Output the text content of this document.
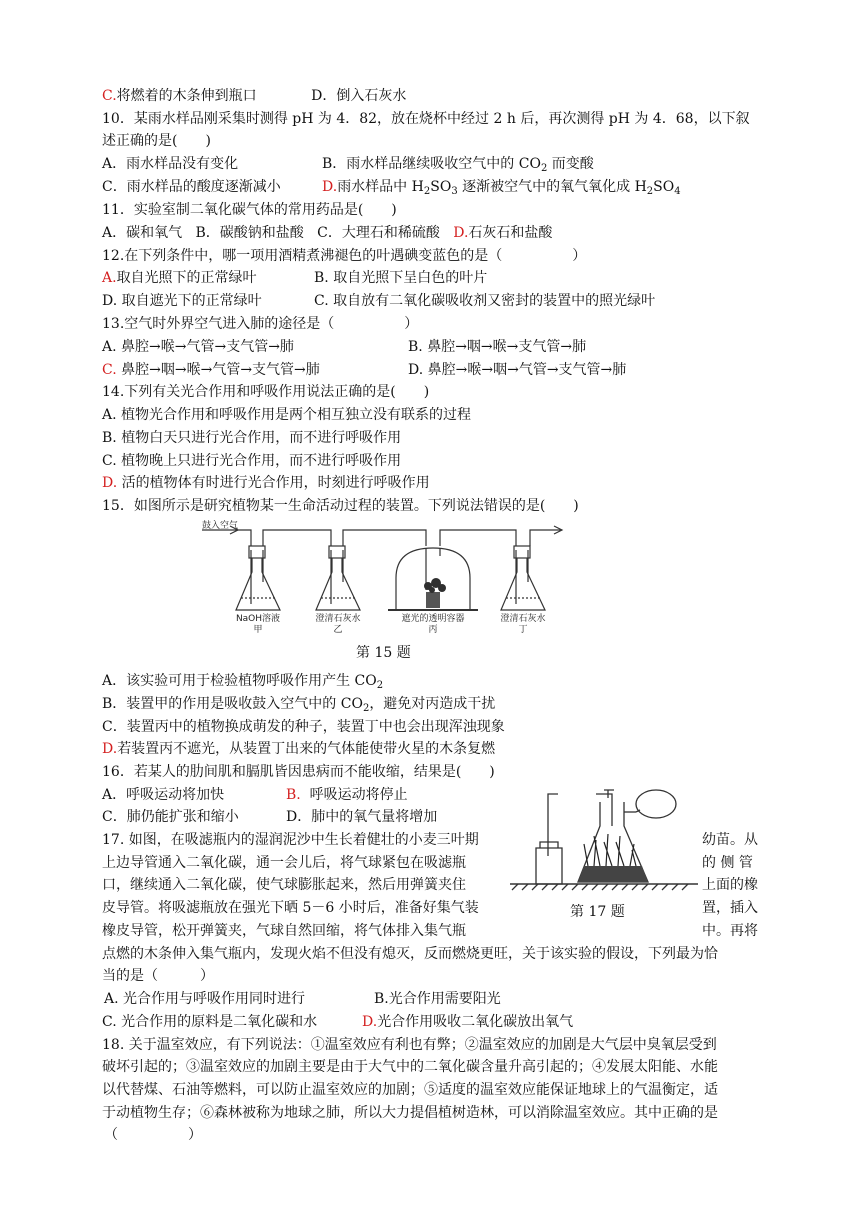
C.将燃着的木条伸到瓶口	D．倒入石灰水
10．某雨水样品刚采集时测得 pH 为 4．82，放在烧杯中经过 2 h 后，再次测得 pH 为 4．68，以下叙
述正确的是(　　)
A．雨水样品没有变化	B．雨水样品继续吸收空气中的 $CO_2$ 而变酸
C．雨水样品的酸度逐渐减小	D.雨水样品中 $H_2SO_3$ 逐渐被空气中的氧气氧化成 $H_2SO_4$
11．实验室制二氧化碳气体的常用药品是(　　)
A．碳和氧气 B．碳酸钠和盐酸 C．大理石和稀硫酸 D.石灰石和盐酸
12.在下列条件中，哪一项用酒精煮沸褪色的叶遇碘变蓝色的是（　　　　　）
A.取自光照下的正常绿叶	B. 取自光照下呈白色的叶片
D. 取自遮光下的正常绿叶	C. 取自放有二氧化碳吸收剂又密封的装置中的照光绿叶
13.空气时外界空气进入肺的途径是（　　　　　）
A. 鼻腔→喉→气管→支气管→肺	B. 鼻腔→咽→喉→支气管→肺
C. 鼻腔→咽→喉→气管→支气管→肺	D. 鼻腔→喉→咽→气管→支气管→肺
14.下列有关光合作用和呼吸作用说法正确的是(　　)
A. 植物光合作用和呼吸作用是两个相互独立没有联系的过程
B. 植物白天只进行光合作用，而不进行呼吸作用
C. 植物晚上只进行光合作用，而不进行呼吸作用
D. 活的植物体有时进行光合作用，时刻进行呼吸作用
15．如图所示是研究植物某一生命活动过程的装置。下列说法错误的是(　　)
鼓入空气
NaOH溶液
甲
澄清石灰水
乙
遮光的透明容器
丙
澄清石灰水
丁
第 15 题
A．该实验可用于检验植物呼吸作用产生 $CO_2$
B．装置甲的作用是吸收鼓入空气中的 $CO_2$，避免对丙造成干扰
C．装置丙中的植物换成萌发的种子，装置丁中也会出现浑浊现象
D.若装置丙不遮光，从装置丁出来的气体能使带火星的木条复燃
16．若某人的肋间肌和膈肌皆因患病而不能收缩，结果是(　　)
A．呼吸运动将加快	B. 呼吸运动将停止
C．肺仍能扩张和缩小	D．肺中的氧气量将增加
17. 如图，在吸滤瓶内的湿润泥沙中生长着健壮的小麦三叶期	幼苗。从
上边导管通入二氧化碳，通一会儿后，将气球紧包在吸滤瓶	的 侧 管
口，继续通入二氧化碳，使气球膨胀起来，然后用弹簧夹住	上面的橡
皮导管。将吸滤瓶放在强光下晒 5－6 小时后，准备好集气装	置，插入
第 17 题
橡皮导管，松开弹簧夹，气球自然回缩，将气体排入集气瓶	中。再将
点燃的木条伸入集气瓶内，发现火焰不但没有熄灭，反而燃烧更旺，关于该实验的假设，下列最为恰
当的是（　　　）
A. 光合作用与呼吸作用同时进行	B.光合作用需要阳光
C. 光合作用的原料是二氧化碳和水	D.光合作用吸收二氧化碳放出氧气
18. 关于温室效应，有下列说法：①温室效应有利也有弊；②温室效应的加剧是大气层中臭氧层受到
破坏引起的；③温室效应的加剧主要是由于大气中的二氧化碳含量升高引起的；④发展太阳能、水能
以代替煤、石油等燃料，可以防止温室效应的加剧；⑤适度的温室效应能保证地球上的气温衡定，适
于动植物生存；⑥森林被称为地球之肺，所以大力提倡植树造林，可以消除温室效应。其中正确的是
（　　　　　）
